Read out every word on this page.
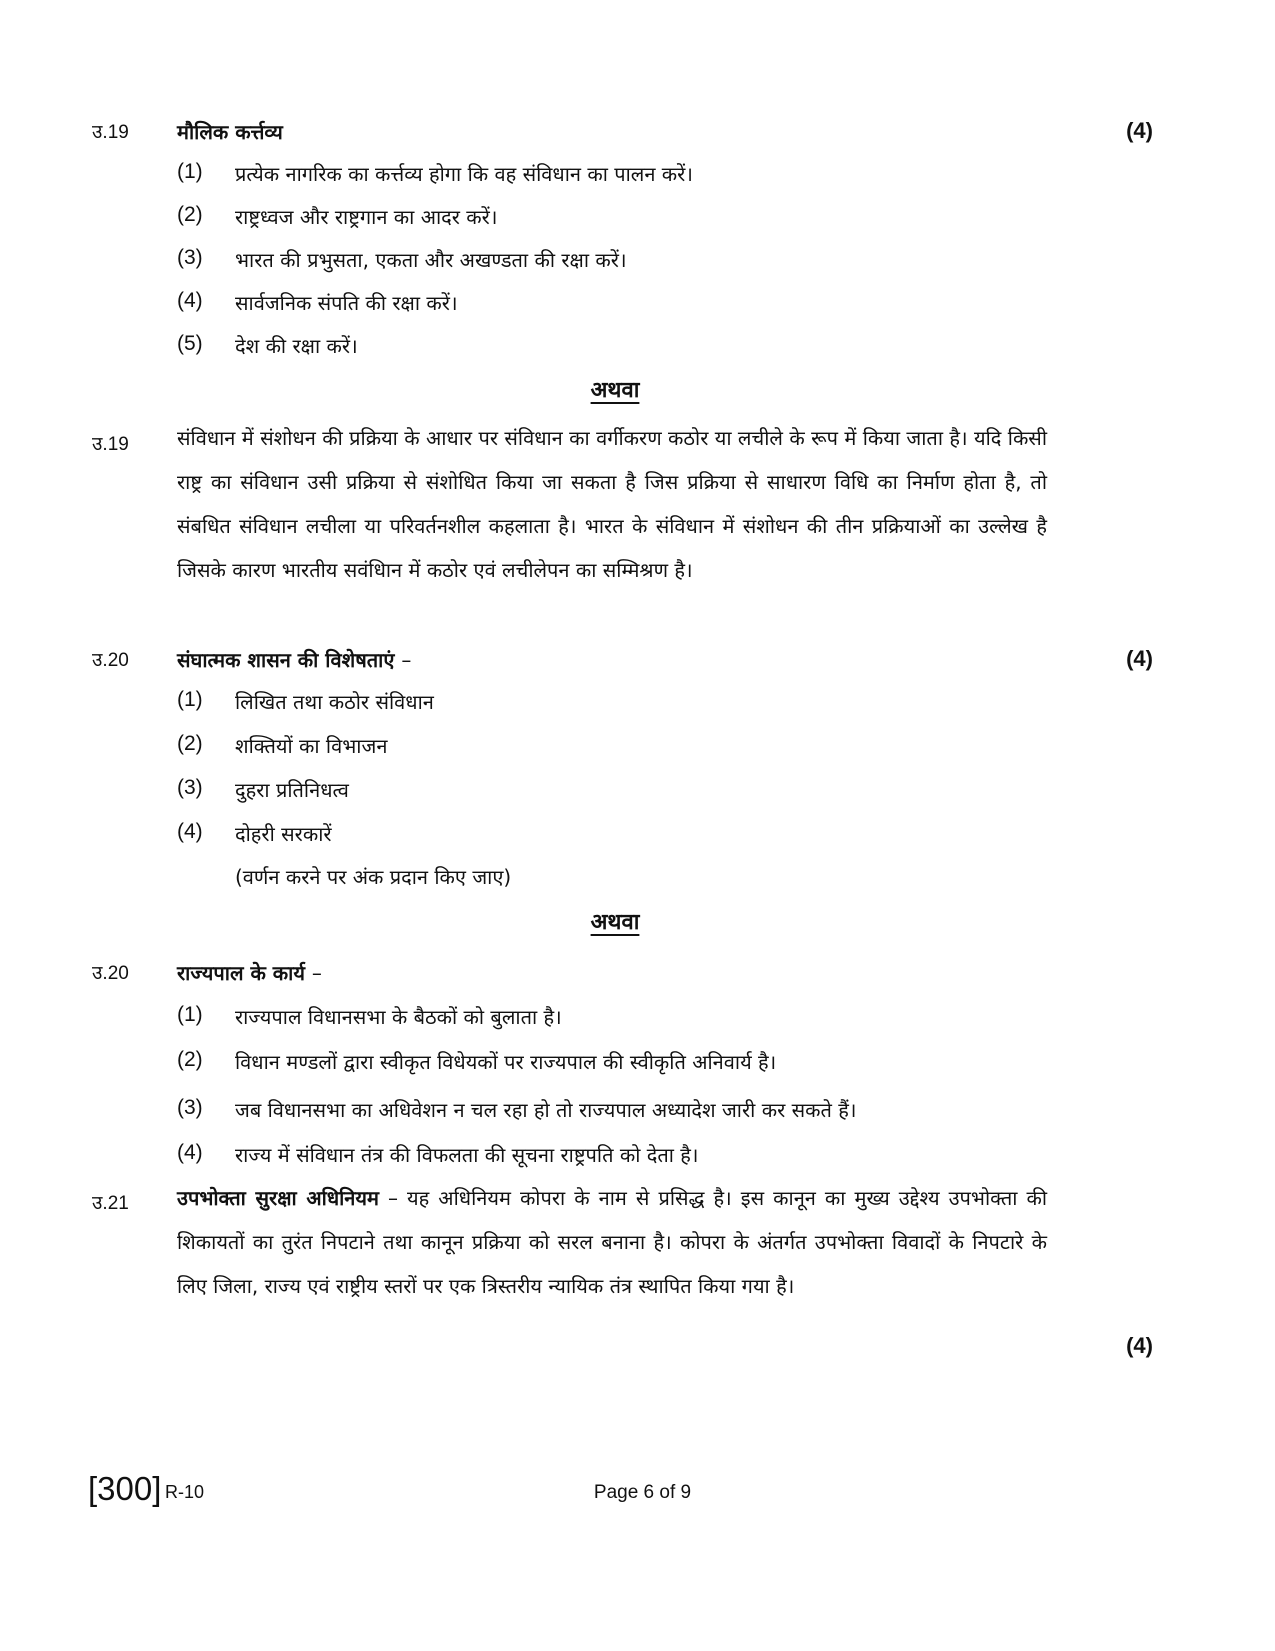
उ.19 मौलिक कर्त्तव्य	(4)
(1) प्रत्येक नागरिक का कर्त्तव्य होगा कि वह संविधान का पालन करें।
(2) राष्ट्रध्वज और राष्ट्रगान का आदर करें।
(3) भारत की प्रभुसता, एकता और अखण्डता की रक्षा करें।
(4) सार्वजनिक संपति की रक्षा करें।
(5) देश की रक्षा करें।
अथवा
उ.19 संविधान में संशोधन की प्रक्रिया के आधार पर संविधान का वर्गीकरण कठोर या लचीले के रूप में किया जाता है। यदि किसी राष्ट्र का संविधान उसी प्रक्रिया से संशोधित किया जा सकता है जिस प्रक्रिया से साधारण विधि का निर्माण होता है, तो संबधित संविधान लचीला या परिवर्तनशील कहलाता है। भारत के संविधान में संशोधन की तीन प्रक्रियाओं का उल्लेख है जिसके कारण भारतीय सवंधिान में कठोर एवं लचीलेपन का सम्मिश्रण है।

उ.20 संघात्मक शासन की विशेषताएं –	(4)
(1) लिखित तथा कठोर संविधान
(2) शक्तियों का विभाजन
(3) दुहरा प्रतिनिधत्व
(4) दोहरी सरकारें
(वर्णन करने पर अंक प्रदान किए जाए)
अथवा
उ.20 राज्यपाल के कार्य –
(1) राज्यपाल विधानसभा के बैठकों को बुलाता है।
(2) विधान मण्डलों द्वारा स्वीकृत विधेयकों पर राज्यपाल की स्वीकृति अनिवार्य है।
(3) जब विधानसभा का अधिवेशन न चल रहा हो तो राज्यपाल अध्यादेश जारी कर सकते हैं।
(4) राज्य में संविधान तंत्र की विफलता की सूचना राष्ट्रपति को देता है।
उ.21 उपभोक्ता सुरक्षा अधिनियम – यह अधिनियम कोपरा के नाम से प्रसिद्ध है। इस कानून का मुख्य उद्देश्य उपभोक्ता की शिकायतों का तुरंत निपटाने तथा कानून प्रक्रिया को सरल बनाना है। कोपरा के अंतर्गत उपभोक्ता विवादों के निपटारे के लिए जिला, राज्य एवं राष्ट्रीय स्तरों पर एक त्रिस्तरीय न्यायिक तंत्र स्थापित किया गया है।

(4)
[300] R-10	Page 6 of 9
